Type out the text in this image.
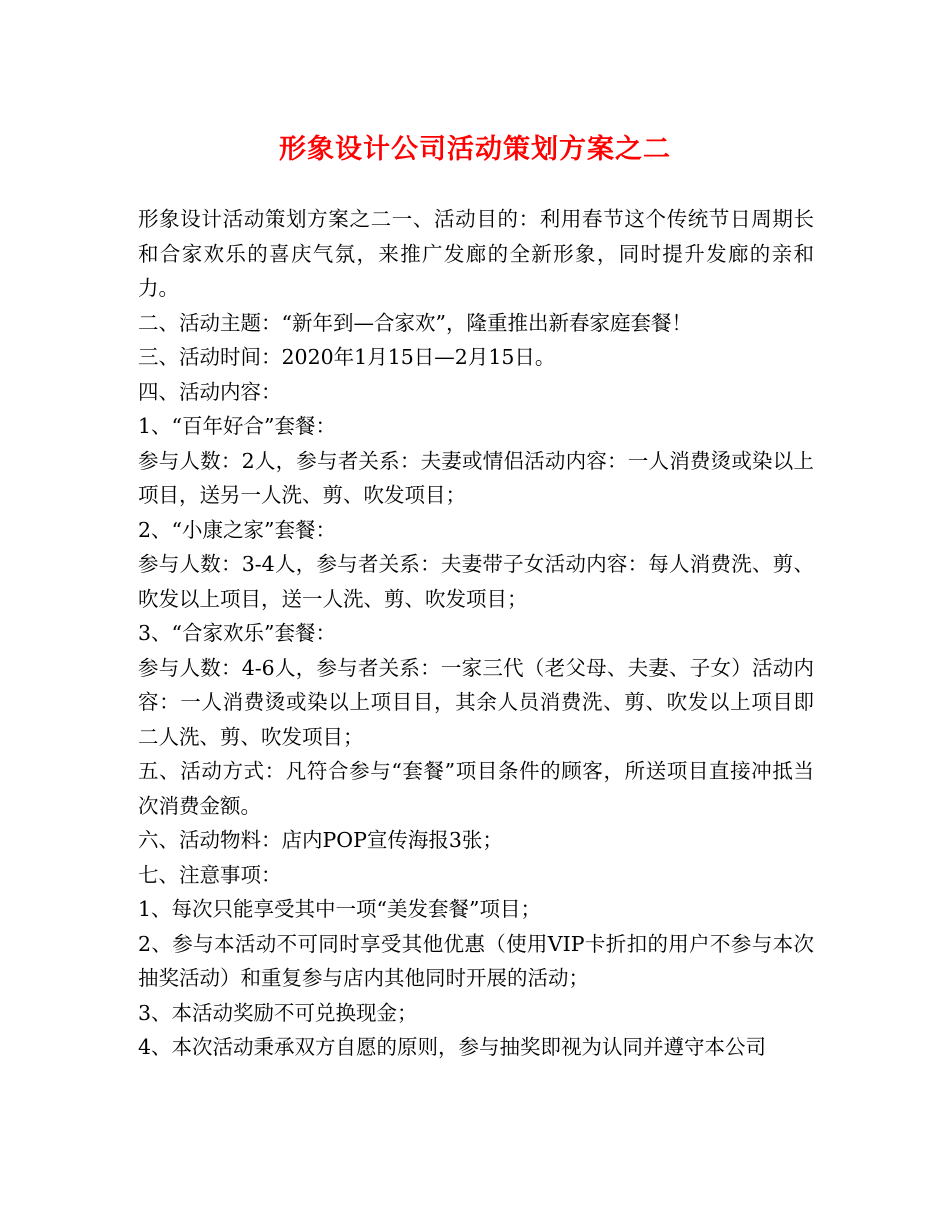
形象设计公司活动策划方案之二

形象设计活动策划方案之二一、活动目的：利用春节这个传统节日周期长和合家欢乐的喜庆气氛，来推广发廊的全新形象，同时提升发廊的亲和力。

二、活动主题：“新年到—合家欢”，隆重推出新春家庭套餐！

三、活动时间：2020年1月15日—2月15日。

四、活动内容：

1、“百年好合”套餐：

参与人数：2人，参与者关系：夫妻或情侣活动内容：一人消费烫或染以上项目，送另一人洗、剪、吹发项目；

2、“小康之家”套餐：

参与人数：3-4人，参与者关系：夫妻带子女活动内容：每人消费洗、剪、吹发以上项目，送一人洗、剪、吹发项目；

3、“合家欢乐”套餐：

参与人数：4-6人，参与者关系：一家三代（老父母、夫妻、子女）活动内容：一人消费烫或染以上项目目，其余人员消费洗、剪、吹发以上项目即二人洗、剪、吹发项目；

五、活动方式：凡符合参与“套餐”项目条件的顾客，所送项目直接冲抵当次消费金额。

六、活动物料：店内POP宣传海报3张；

七、注意事项：

1、每次只能享受其中一项“美发套餐”项目；

2、参与本活动不可同时享受其他优惠（使用VIP卡折扣的用户不参与本次抽奖活动）和重复参与店内其他同时开展的活动；

3、本活动奖励不可兑换现金；

4、本次活动秉承双方自愿的原则，参与抽奖即视为认同并遵守本公司
